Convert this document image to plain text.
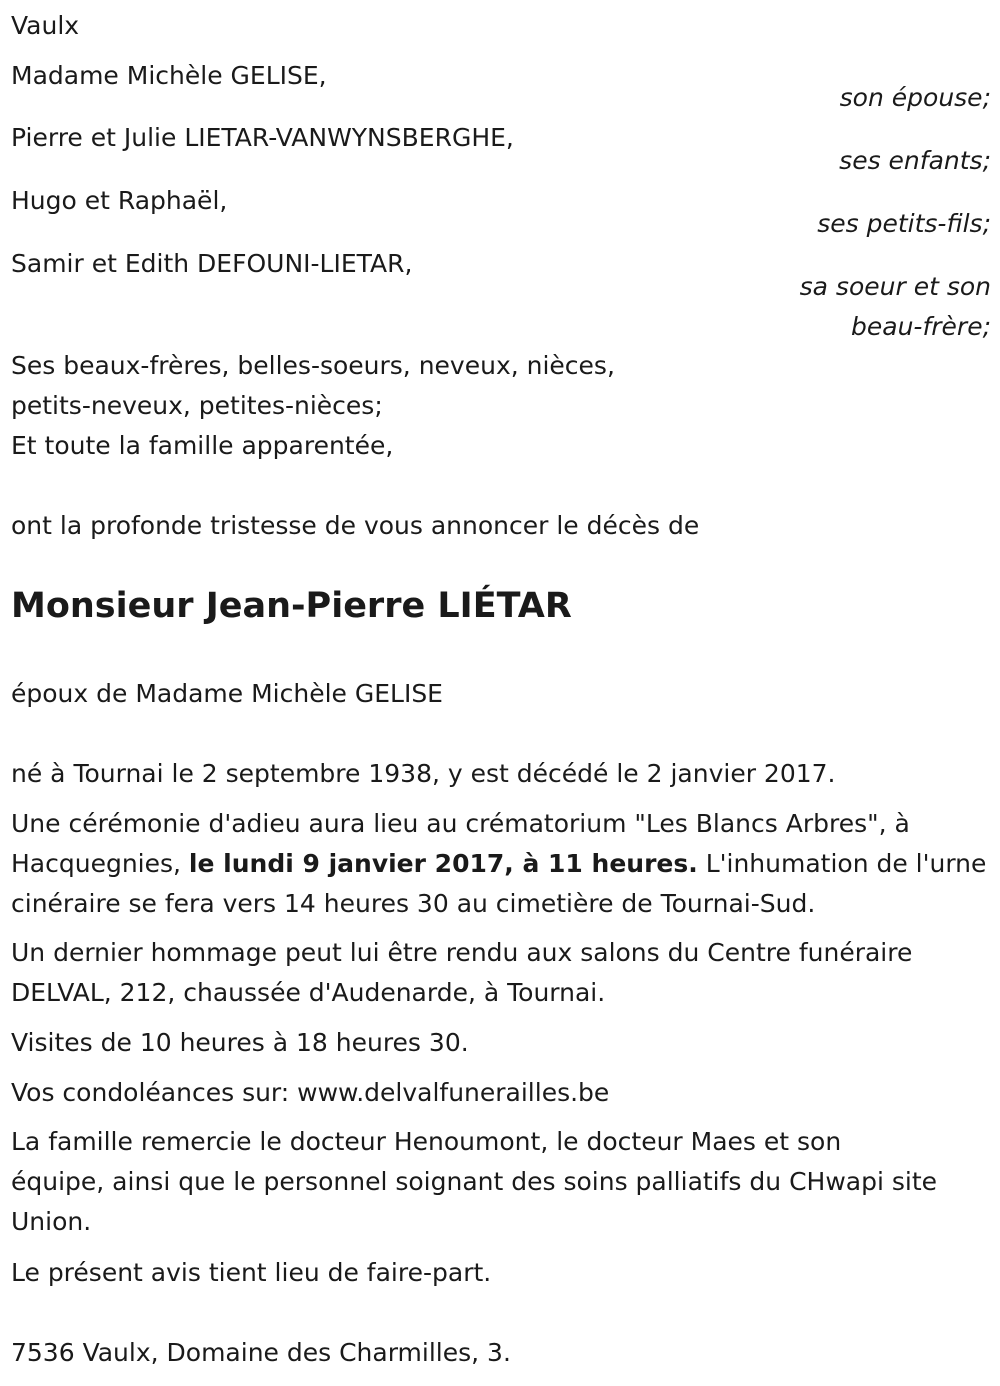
Vaulx
Madame Michèle GELISE,
son épouse;
Pierre et Julie LIETAR-VANWYNSBERGHE,
ses enfants;
Hugo et Raphaël,
ses petits-fils;
Samir et Edith DEFOUNI-LIETAR,
sa soeur et son
beau-frère;
Ses beaux-frères, belles-soeurs, neveux, nièces,
petits-neveux, petites-nièces;
Et toute la famille apparentée,
ont la profonde tristesse de vous annoncer le décès de
Monsieur Jean-Pierre LIÉTAR
époux de Madame Michèle GELISE
né à Tournai le 2 septembre 1938, y est décédé le 2 janvier 2017.
Une cérémonie d'adieu aura lieu au crématorium "Les Blancs Arbres", à
Hacquegnies, le lundi 9 janvier 2017, à 11 heures. L'inhumation de l'urne
cinéraire se fera vers 14 heures 30 au cimetière de Tournai-Sud.
Un dernier hommage peut lui être rendu aux salons du Centre funéraire
DELVAL, 212, chaussée d'Audenarde, à Tournai.
Visites de 10 heures à 18 heures 30.
Vos condoléances sur: www.delvalfunerailles.be
La famille remercie le docteur Henoumont, le docteur Maes et son
équipe, ainsi que le personnel soignant des soins palliatifs du CHwapi site
Union.
Le présent avis tient lieu de faire-part.
7536 Vaulx, Domaine des Charmilles, 3.
